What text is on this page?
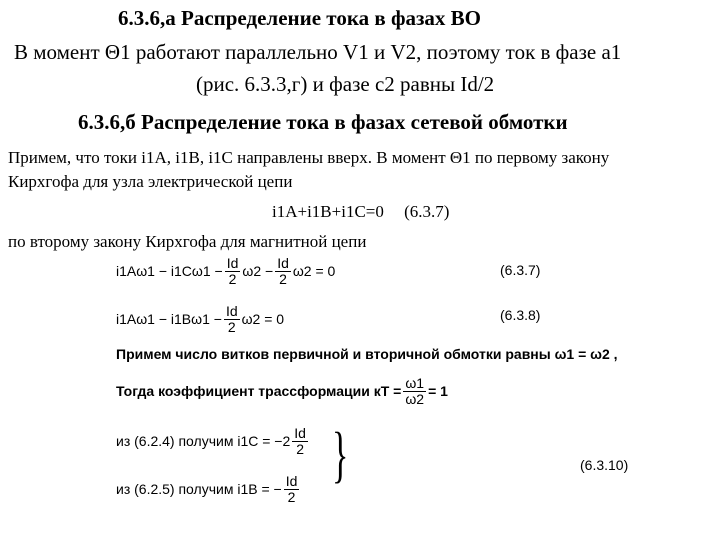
6.3.6,а Распределение тока в фазах ВО
В момент Θ1 работают параллельно V1 и V2, поэтому ток в фазе а1
(рис. 6.3.3,г) и фазе с2 равны Id/2
6.3.6,б Распределение тока в фазах сетевой обмотки
Примем, что токи i1A, i1B, i1C направлены вверх. В момент Θ1 по первому закону
Кирхгофа для узла электрической цепи
i1A+i1B+i1C=0 (6.3.7)
по второму закону Кирхгофа для магнитной цепи
$i1A\omega 1 - i1C\omega 1 - \frac{Id}{2} \omega 2 - \frac{Id}{2} \omega 2 = 0$	(6.3.7)
$i1A\omega 1 - i1B\omega 1 - \frac{Id}{2} \omega 2 = 0$	(6.3.8)
Примем число витков первичной и вторичной обмотки равны ω1 = ω2 ,
Тогда коэффициент трассформации кT = $\frac{\omega 1}{\omega 2} = 1$
из (6.2.4) получим $i1C = -2 \frac{Id}{2}$ }	(6.3.10)
из (6.2.5) получим i1B = − $\frac{Id}{2}$
